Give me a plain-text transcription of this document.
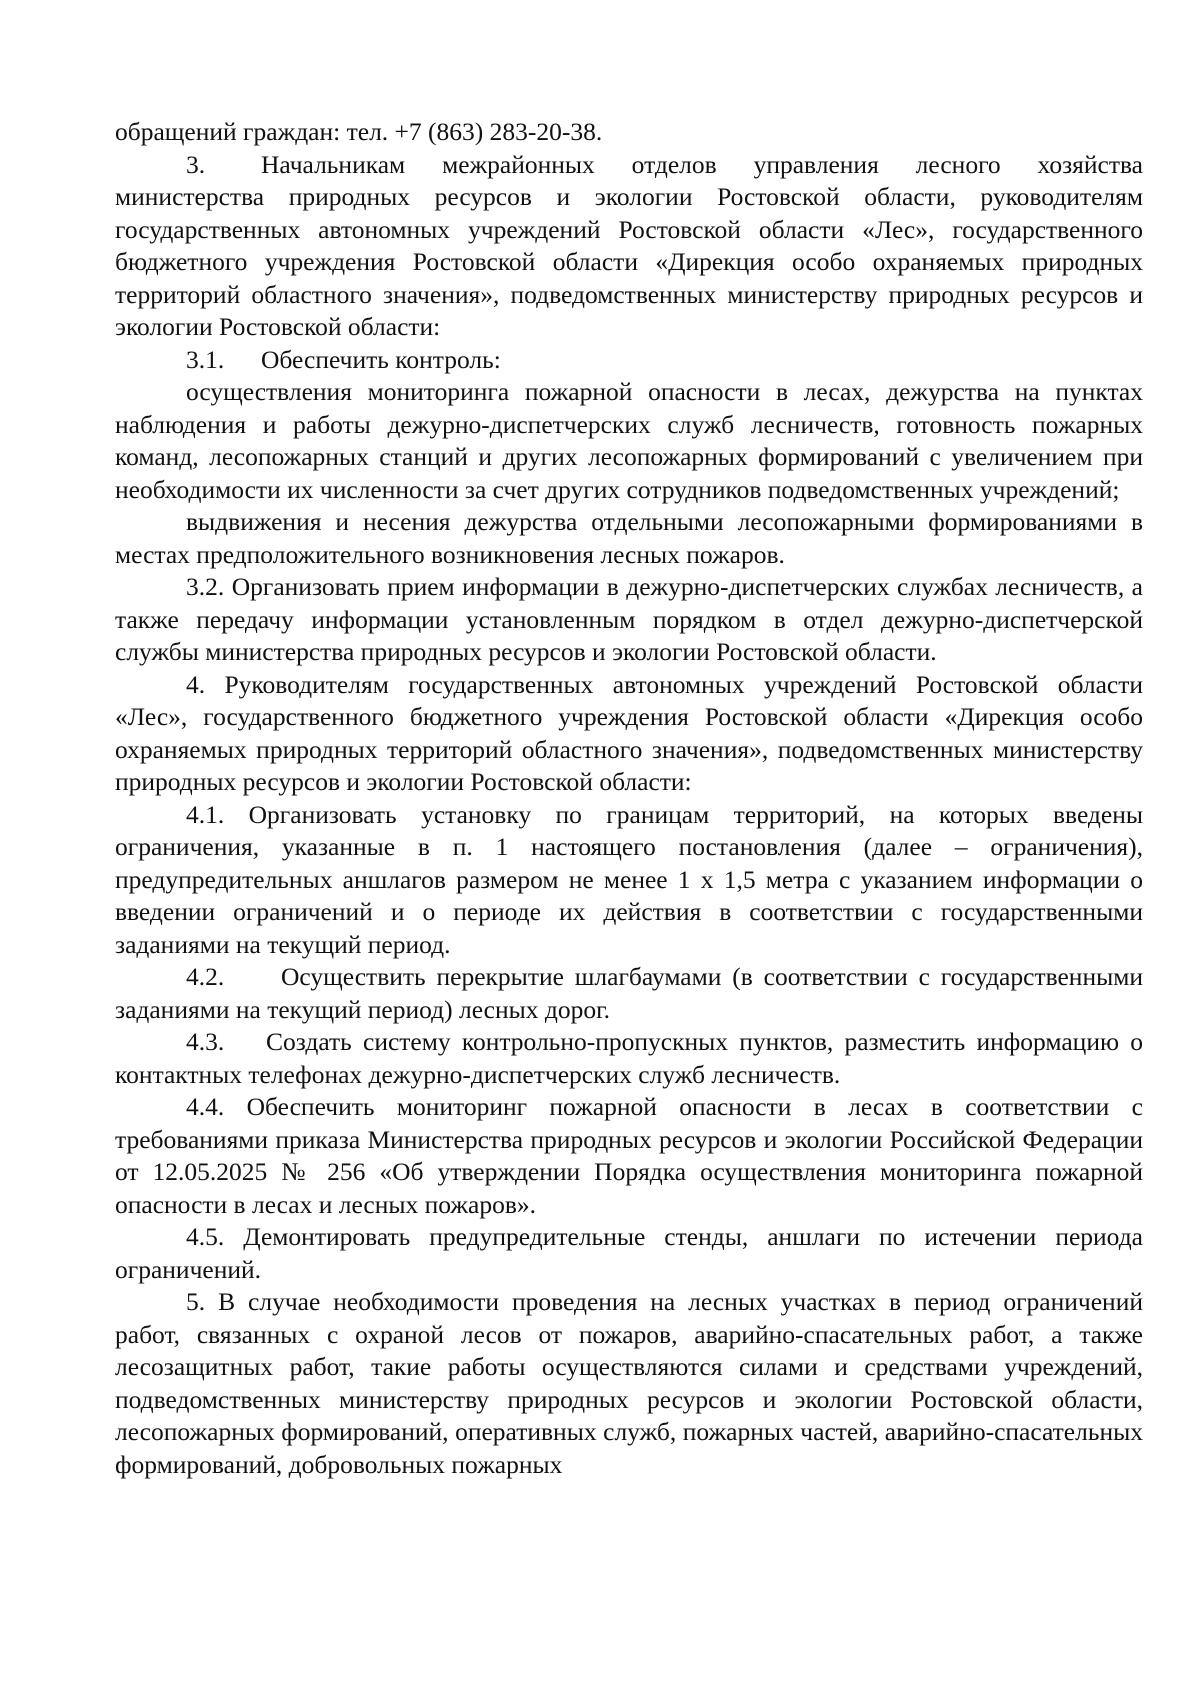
обращений граждан: тел. +7 (863) 283-20-38.

3. Начальникам межрайонных отделов управления лесного хозяйства министерства природных ресурсов и экологии Ростовской области, руководителям государственных автономных учреждений Ростовской области «Лес», государственного бюджетного учреждения Ростовской области «Дирекция особо охраняемых природных территорий областного значения», подведомственных министерству природных ресурсов и экологии Ростовской области:

3.1. Обеспечить контроль:

осуществления мониторинга пожарной опасности в лесах, дежурства на пунктах наблюдения и работы дежурно-диспетчерских служб лесничеств, готовность пожарных команд, лесопожарных станций и других лесопожарных формирований с увеличением при необходимости их численности за счет других сотрудников подведомственных учреждений;

выдвижения и несения дежурства отдельными лесопожарными формированиями в местах предположительного возникновения лесных пожаров.

3.2. Организовать прием информации в дежурно-диспетчерских службах лесничеств, а также передачу информации установленным порядком в отдел дежурно-диспетчерской службы министерства природных ресурсов и экологии Ростовской области.

4. Руководителям государственных автономных учреждений Ростовской области «Лес», государственного бюджетного учреждения Ростовской области «Дирекция особо охраняемых природных территорий областного значения», подведомственных министерству природных ресурсов и экологии Ростовской области:

4.1. Организовать установку по границам территорий, на которых введены ограничения, указанные в п. 1 настоящего постановления (далее – ограничения), предупредительных аншлагов размером не менее 1 х 1,5 метра с указанием информации о введении ограничений и о периоде их действия в соответствии с государственными заданиями на текущий период.

4.2. Осуществить перекрытие шлагбаумами (в соответствии с государственными заданиями на текущий период) лесных дорог.

4.3. Создать систему контрольно-пропускных пунктов, разместить информацию о контактных телефонах дежурно-диспетчерских служб лесничеств.

4.4. Обеспечить мониторинг пожарной опасности в лесах в соответствии с требованиями приказа Министерства природных ресурсов и экологии Российской Федерации от 12.05.2025 № 256 «Об утверждении Порядка осуществления мониторинга пожарной опасности в лесах и лесных пожаров».

4.5. Демонтировать предупредительные стенды, аншлаги по истечении периода ограничений.

5. В случае необходимости проведения на лесных участках в период ограничений работ, связанных с охраной лесов от пожаров, аварийно-спасательных работ, а также лесозащитных работ, такие работы осуществляются силами и средствами учреждений, подведомственных министерству природных ресурсов и экологии Ростовской области, лесопожарных формирований, оперативных служб, пожарных частей, аварийно-спасательных формирований, добровольных пожарных
